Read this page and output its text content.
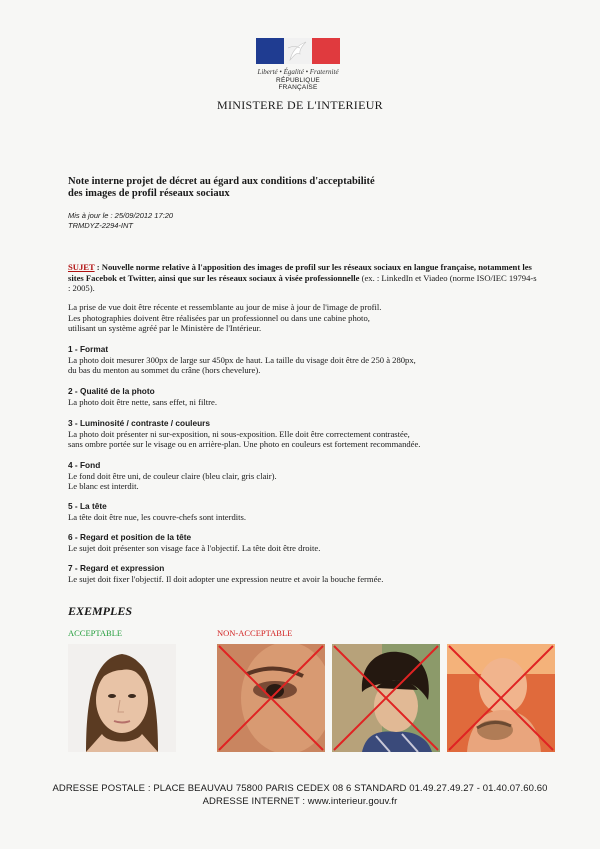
Liberté • Égalité • Fraternité
RÉPUBLIQUE FRANÇAISE
MINISTERE DE L'INTERIEUR
Note interne projet de décret au égard aux conditions d'acceptabilité
des images de profil réseaux sociaux
Mis à jour le : 25/09/2012 17:20
TRMDYZ-2294-INT
SUJET : Nouvelle norme relative à l'apposition des images de profil sur les réseaux sociaux en langue française, notamment les sites Facebok et Twitter, ainsi que sur les réseaux sociaux à visée professionnelle (ex. : LinkedIn et Viadeo (norme ISO/IEC 19794-s : 2005).
La prise de vue doit être récente et ressemblante au jour de mise à jour de l'image de profil.
Les photographies doivent être réalisées par un professionnel ou dans une cabine photo,
utilisant un système agréé par le Ministère de l'Intérieur.
1 - Format
La photo doit mesurer 300px de large sur 450px de haut. La taille du visage doit être de 250 à 280px,
du bas du menton au sommet du crâne (hors chevelure).
2 - Qualité de la photo
La photo doit être nette, sans effet, ni filtre.
3 - Luminosité / contraste / couleurs
La photo doit présenter ni sur-exposition, ni sous-exposition. Elle doit être correctement contrastée,
sans ombre portée sur le visage ou en arrière-plan. Une photo en couleurs est fortement recommandée.
4 - Fond
Le fond doit être uni, de couleur claire (bleu clair, gris clair).
Le blanc est interdit.
5 - La tête
La tête doit être nue, les couvre-chefs sont interdits.
6 - Regard et position de la tête
Le sujet doit présenter son visage face à l'objectif. La tête doit être droite.
7 - Regard et expression
Le sujet doit fixer l'objectif. Il doit adopter une expression neutre et avoir la bouche fermée.
EXEMPLES
ACCEPTABLE	NON-ACCEPTABLE
ADRESSE POSTALE : PLACE BEAUVAU 75800 PARIS CEDEX 08 6 STANDARD 01.49.27.49.27 - 01.40.07.60.60
ADRESSE INTERNET : www.interieur.gouv.fr
